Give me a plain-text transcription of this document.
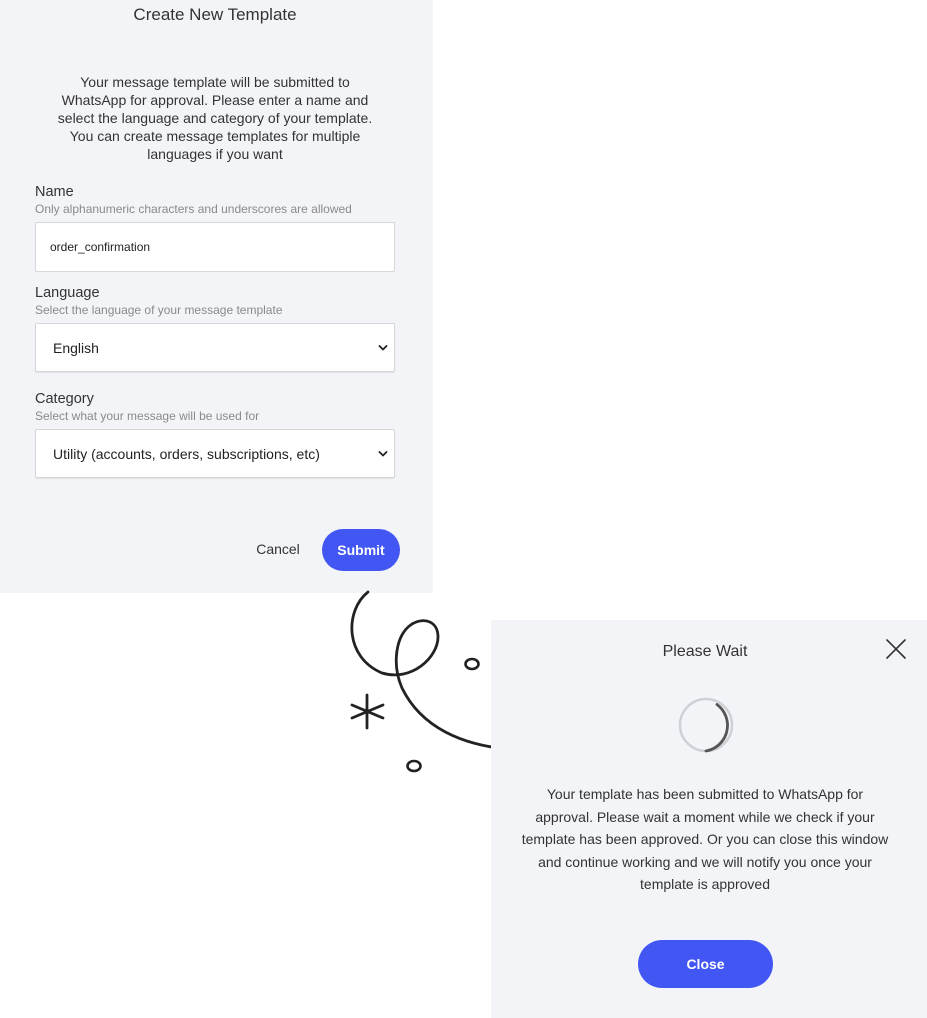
Create New Template
Your message template will be submitted to WhatsApp for approval. Please enter a name and select the language and category of your template. You can create message templates for multiple languages if you want
Name
Only alphanumeric characters and underscores are allowed
order_confirmation
Language
Select the language of your message template
English
Category
Select what your message will be used for
Utility (accounts, orders, subscriptions, etc)
Cancel	Submit
Please Wait
Your template has been submitted to WhatsApp for approval. Please wait a moment while we check if your template has been approved. Or you can close this window and continue working and we will notify you once your template is approved
Close
